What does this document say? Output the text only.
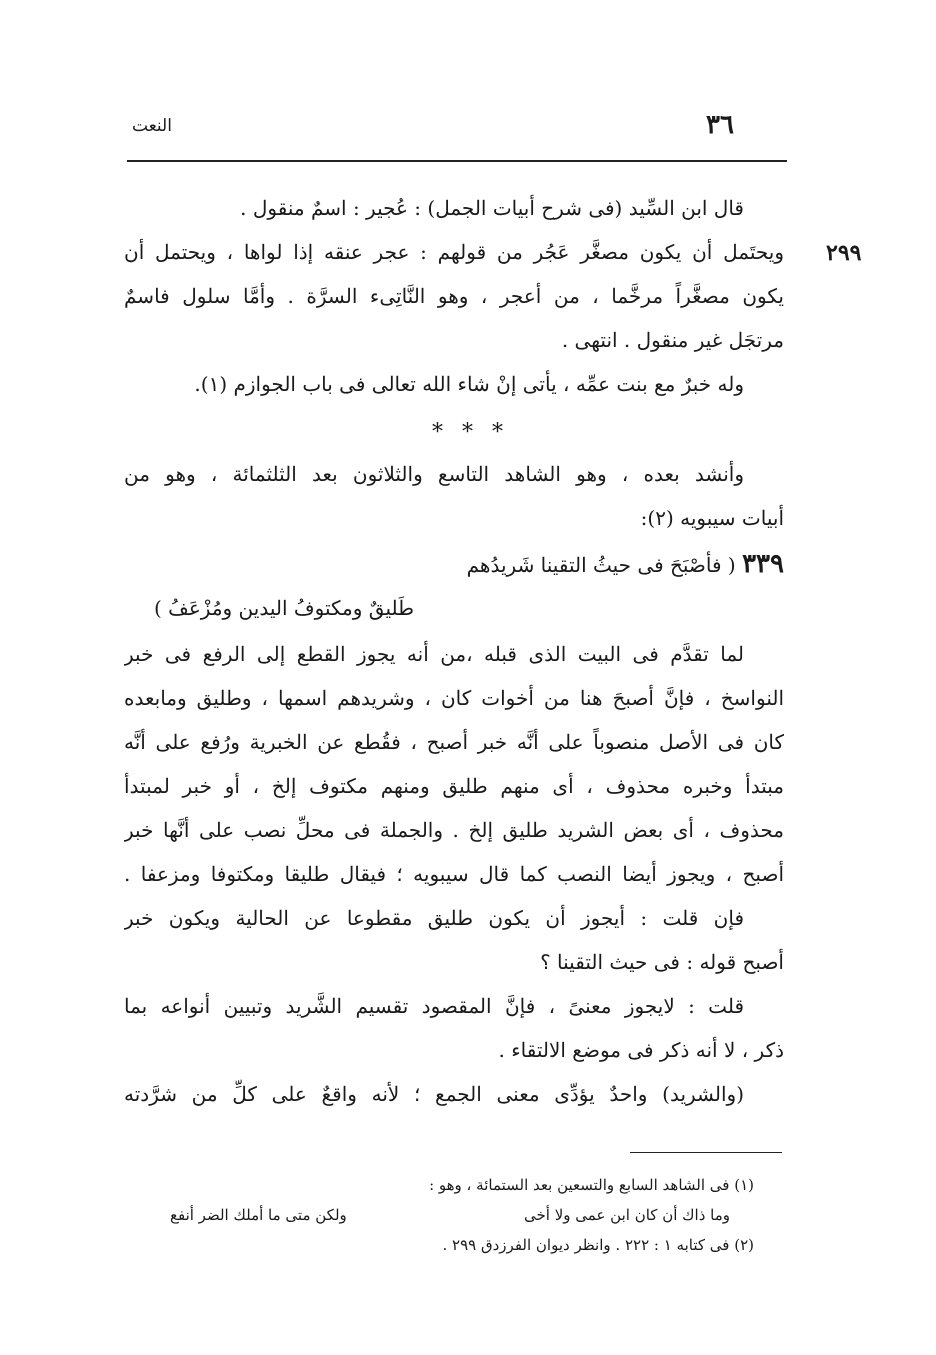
النعت	٣٦
٢٩٩
قال ابن السِّيد (فى شرح أبيات الجمل) : عُجير : اسمٌ منقول .
ويحتَمل أن يكون مصغَّر عَجُر من قولهم : عجر عنقه إذا لواها ، ويحتمل أن
يكون مصغَّراً مرخَّما ، من أعجر ، وهو النَّاتِىء السرَّة . وأمَّا سلول فاسمٌ
مرتجَل غير منقول . انتهى .
وله خبرٌ مع بنت عمِّه ، يأتى إنْ شاء الله تعالى فى باب الجوازم (١).
* * *
وأنشد بعده ، وهو الشاهد التاسع والثلاثون بعد الثلثمائة ، وهو من
أبيات سيبويه (٢):
٣٣٩ ( فأصْبَحَ فى حيثُ التقينا شَريدُهم
طَليقٌ ومكتوفُ اليدين ومُزْعَفُ )
لما تقدَّم فى البيت الذى قبله ،من أنه يجوز القطع إلى الرفع فى خبر
النواسخ ، فإنَّ أصبحَ هنا من أخوات كان ، وشريدهم اسمها ، وطليق ومابعده
كان فى الأصل منصوباً على أنَّه خبر أصبح ، فقُطع عن الخبرية ورُفع على أنَّه
مبتدأ وخبره محذوف ، أى منهم طليق ومنهم مكتوف إلخ ، أو خبر لمبتدأ
محذوف ، أى بعض الشريد طليق إلخ . والجملة فى محلِّ نصب على أنَّها خبر
أصبح ، ويجوز أيضا النصب كما قال سيبويه ؛ فيقال طليقا ومكتوفا ومزعفا .
فإن قلت : أيجوز أن يكون طليق مقطوعا عن الحالية ويكون خبر
أصبح قوله : فى حيث التقينا ؟
قلت : لايجوز معنىً ، فإنَّ المقصود تقسيم الشَّريد وتبيين أنواعه بما
ذكر ، لا أنه ذكر فى موضع الالتقاء .
(والشريد) واحدٌ يؤدِّى معنى الجمع ؛ لأنه واقعٌ على كلِّ من شرَّدته
(١) فى الشاهد السابع والتسعين بعد الستمائة ، وهو :
وما ذاك أن كان ابن عمى ولا أخى
ولكن متى ما أملك الضر أنفع
(٢) فى كتابه ١ : ٢٢٢ . وانظر ديوان الفرزدق ٢٩٩ .
